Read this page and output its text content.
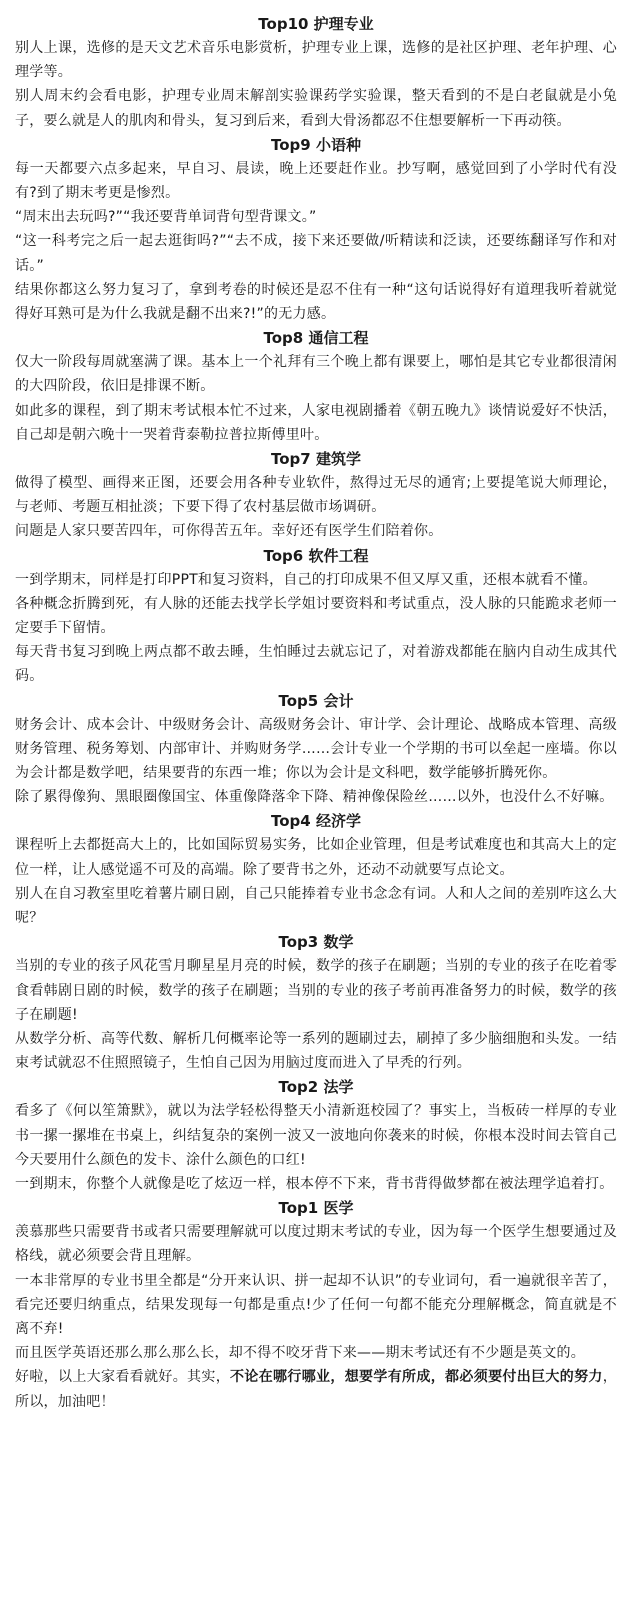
Top10 护理专业

别人上课，选修的是天文艺术音乐电影赏析，护理专业上课，选修的是社区护理、老年护理、心理学等。

别人周末约会看电影，护理专业周末解剖实验课药学实验课，整天看到的不是白老鼠就是小兔子，要么就是人的肌肉和骨头，复习到后来，看到大骨汤都忍不住想要解析一下再动筷。

Top9 小语种

每一天都要六点多起来，早自习、晨读，晚上还要赶作业。抄写啊，感觉回到了小学时代有没有?到了期末考更是惨烈。

“周末出去玩吗?”“我还要背单词背句型背课文。”

“这一科考完之后一起去逛街吗?”“去不成，接下来还要做/听精读和泛读，还要练翻译写作和对话。”

结果你都这么努力复习了，拿到考卷的时候还是忍不住有一种“这句话说得好有道理我听着就觉得好耳熟可是为什么我就是翻不出来?!”的无力感。

Top8 通信工程

仅大一阶段每周就塞满了课。基本上一个礼拜有三个晚上都有课要上，哪怕是其它专业都很清闲的大四阶段，依旧是排课不断。

如此多的课程，到了期末考试根本忙不过来，人家电视剧播着《朝五晚九》谈情说爱好不快活，自己却是朝六晚十一哭着背泰勒拉普拉斯傅里叶。

Top7 建筑学

做得了模型、画得来正图，还要会用各种专业软件，熬得过无尽的通宵;上要提笔说大师理论，与老师、考题互相扯淡；下要下得了农村基层做市场调研。

问题是人家只要苦四年，可你得苦五年。幸好还有医学生们陪着你。

Top6 软件工程

一到学期末，同样是打印PPT和复习资料，自己的打印成果不但又厚又重，还根本就看不懂。

各种概念折腾到死，有人脉的还能去找学长学姐讨要资料和考试重点，没人脉的只能跪求老师一定要手下留情。

每天背书复习到晚上两点都不敢去睡，生怕睡过去就忘记了，对着游戏都能在脑内自动生成其代码。

Top5 会计

财务会计、成本会计、中级财务会计、高级财务会计、审计学、会计理论、战略成本管理、高级财务管理、税务筹划、内部审计、并购财务学……会计专业一个学期的书可以垒起一座墙。你以为会计都是数学吧，结果要背的东西一堆；你以为会计是文科吧，数学能够折腾死你。

除了累得像狗、黑眼圈像国宝、体重像降落伞下降、精神像保险丝……以外，也没什么不好嘛。

Top4 经济学

课程听上去都挺高大上的，比如国际贸易实务，比如企业管理，但是考试难度也和其高大上的定位一样，让人感觉遥不可及的高端。除了要背书之外，还动不动就要写点论文。

别人在自习教室里吃着薯片刷日剧，自己只能捧着专业书念念有词。人和人之间的差别咋这么大呢？

Top3 数学

当别的专业的孩子风花雪月聊星星月亮的时候，数学的孩子在刷题；当别的专业的孩子在吃着零食看韩剧日剧的时候，数学的孩子在刷题；当别的专业的孩子考前再准备努力的时候，数学的孩子在刷题!

从数学分析、高等代数、解析几何概率论等一系列的题刷过去，刷掉了多少脑细胞和头发。一结束考试就忍不住照照镜子，生怕自己因为用脑过度而进入了早秃的行列。

Top2 法学

看多了《何以笙箫默》，就以为法学轻松得整天小清新逛校园了？事实上，当板砖一样厚的专业书一摞一摞堆在书桌上，纠结复杂的案例一波又一波地向你袭来的时候，你根本没时间去管自己今天要用什么颜色的发卡、涂什么颜色的口红!

一到期末，你整个人就像是吃了炫迈一样，根本停不下来，背书背得做梦都在被法理学追着打。

Top1 医学

羡慕那些只需要背书或者只需要理解就可以度过期末考试的专业，因为每一个医学生想要通过及格线，就必须要会背且理解。

一本非常厚的专业书里全都是“分开来认识、拼一起却不认识”的专业词句，看一遍就很辛苦了，看完还要归纳重点，结果发现每一句都是重点!少了任何一句都不能充分理解概念，简直就是不离不弃!

而且医学英语还那么那么那么长，却不得不咬牙背下来——期末考试还有不少题是英文的。

好啦，以上大家看看就好。其实，不论在哪行哪业，想要学有所成，都必须要付出巨大的努力，所以，加油吧！
